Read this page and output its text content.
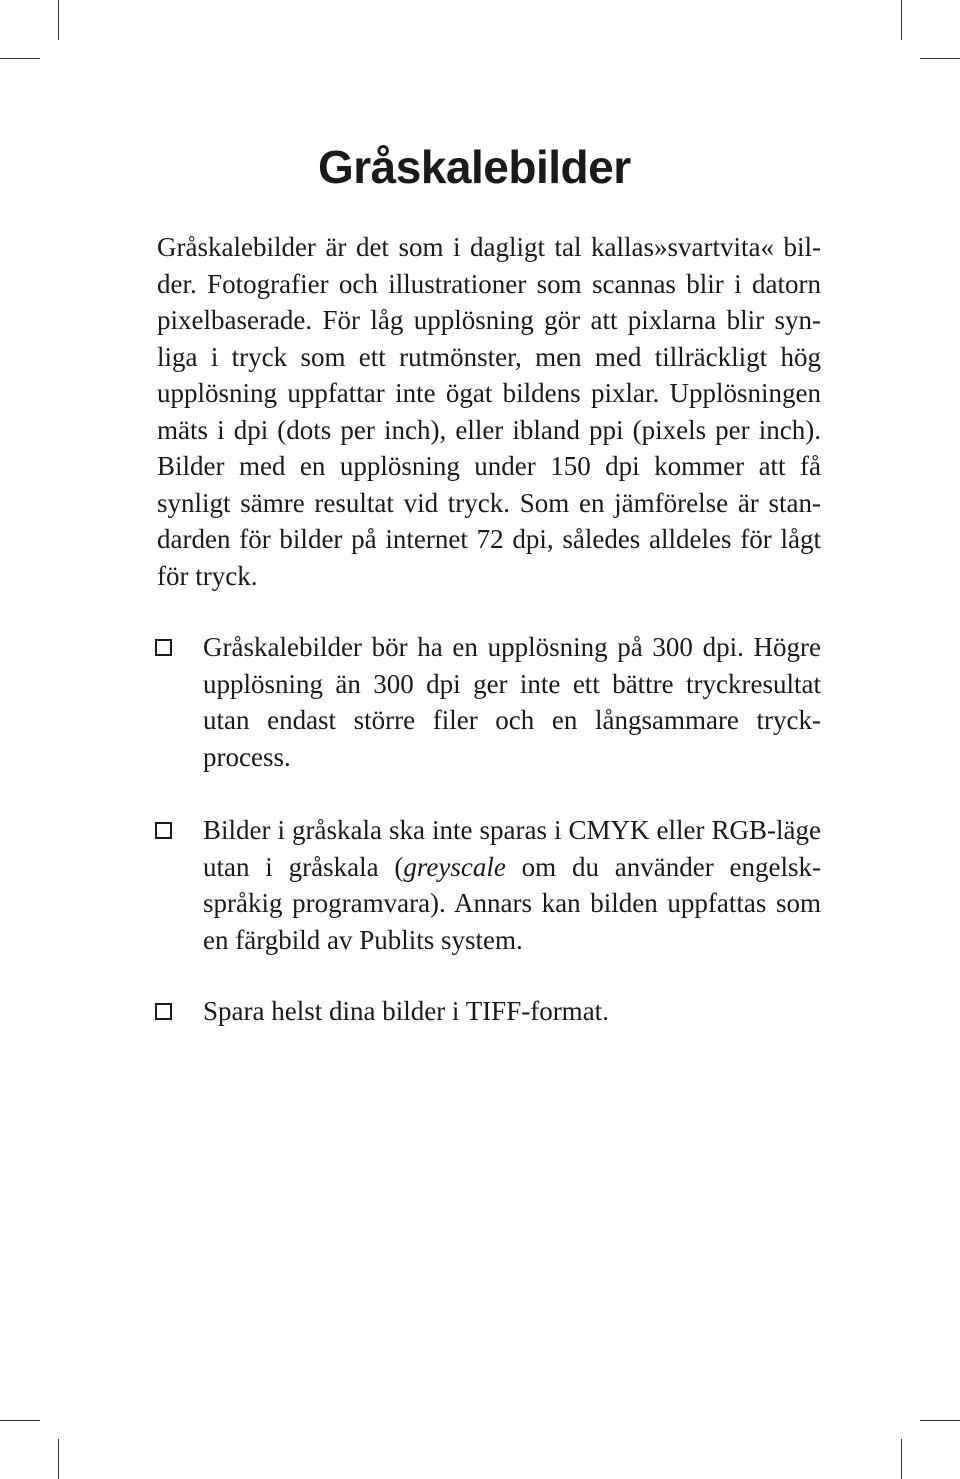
Gråskalebilder

Gråskalebilder är det som i dagligt tal kallas»svartvita« bilder. Fotografier och illustrationer som scannas blir i datorn pixelbaserade. För låg upplösning gör att pixlarna blir synliga i tryck som ett rutmönster, men med tillräckligt hög upplösning uppfattar inte ögat bildens pixlar. Upplösningen mäts i dpi (dots per inch), eller ibland ppi (pixels per inch). Bilder med en upplösning under 150 dpi kommer att få synligt sämre resultat vid tryck. Som en jämförelse är standarden för bilder på internet 72 dpi, således alldeles för lågt för tryck.

Gråskalebilder bör ha en upplösning på 300 dpi. Högre upplösning än 300 dpi ger inte ett bättre tryckresultat utan endast större filer och en långsammare tryckprocess.

Bilder i gråskala ska inte sparas i CMYK eller RGB-läge utan i gråskala (greyscale om du använder engelskspråkig programvara). Annars kan bilden uppfattas som en färgbild av Publits system.

Spara helst dina bilder i TIFF-format.
